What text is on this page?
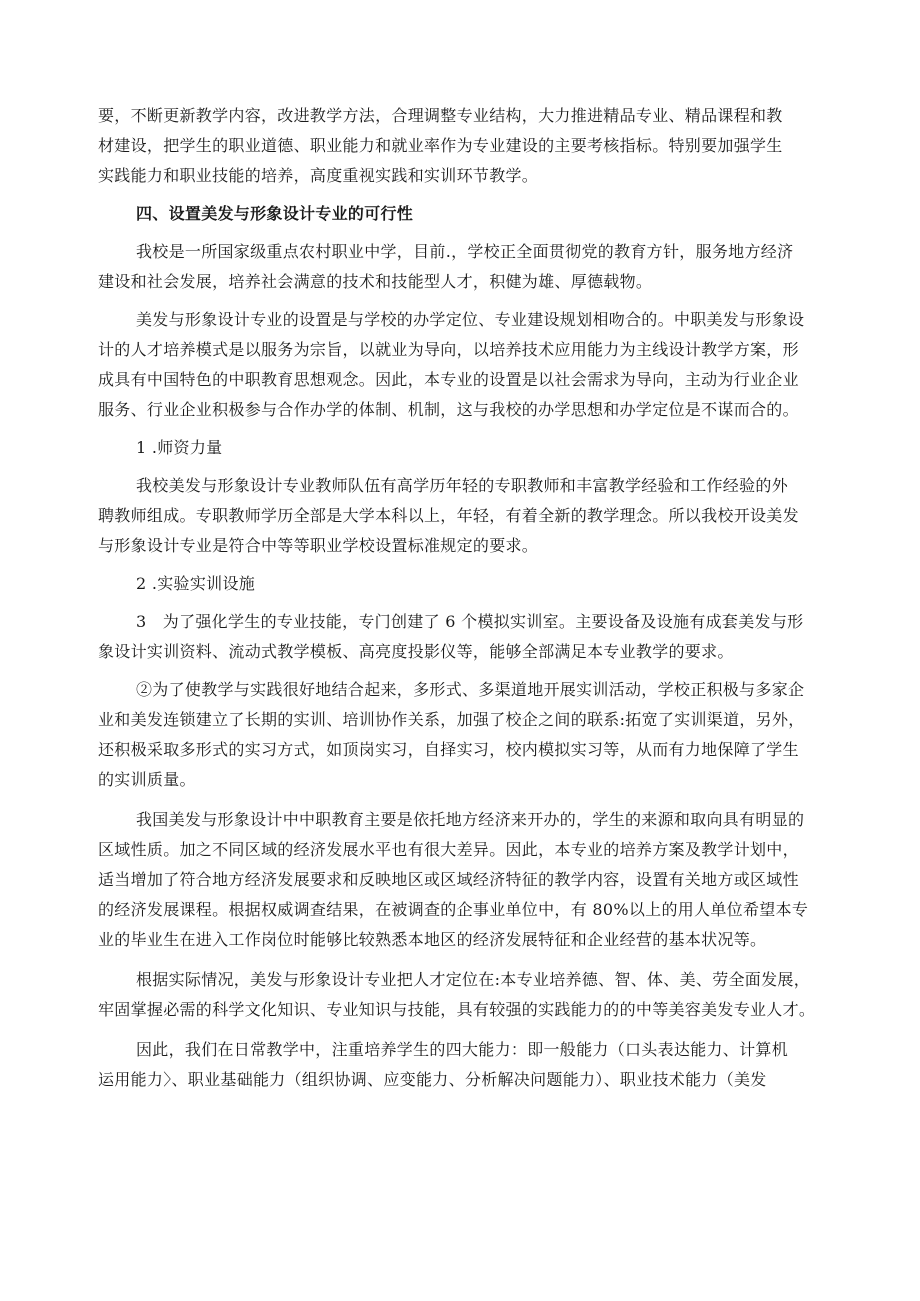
要，不断更新教学内容，改进教学方法，合理调整专业结构，大力推进精品专业、精品课程和教
材建设，把学生的职业道德、职业能力和就业率作为专业建设的主要考核指标。特别要加强学生
实践能力和职业技能的培养，高度重视实践和实训环节教学。
四、设置美发与形象设计专业的可行性
我校是一所国家级重点农村职业中学，目前.，学校正全面贯彻党的教育方针，服务地方经济
建设和社会发展，培养社会满意的技术和技能型人才，积健为雄、厚德载物。
美发与形象设计专业的设置是与学校的办学定位、专业建设规划相吻合的。中职美发与形象设
计的人才培养模式是以服务为宗旨，以就业为导向，以培养技术应用能力为主线设计教学方案，形
成具有中国特色的中职教育思想观念。因此，本专业的设置是以社会需求为导向，主动为行业企业
服务、行业企业积极参与合作办学的体制、机制，这与我校的办学思想和办学定位是不谋而合的。
1 .师资力量
我校美发与形象设计专业教师队伍有高学历年轻的专职教师和丰富教学经验和工作经验的外
聘教师组成。专职教师学历全部是大学本科以上，年轻，有着全新的教学理念。所以我校开设美发
与形象设计专业是符合中等等职业学校设置标准规定的要求。
2 .实验实训设施
3　为了强化学生的专业技能，专门创建了 6 个模拟实训室。主要设备及设施有成套美发与形
象设计实训资料、流动式教学模板、高亮度投影仪等，能够全部满足本专业教学的要求。
②为了使教学与实践很好地结合起来，多形式、多渠道地开展实训活动，学校正积极与多家企
业和美发连锁建立了长期的实训、培训协作关系，加强了校企之间的联系:拓宽了实训渠道，另外，
还积极采取多形式的实习方式，如顶岗实习，自择实习，校内模拟实习等，从而有力地保障了学生
的实训质量。
我国美发与形象设计中中职教育主要是依托地方经济来开办的，学生的来源和取向具有明显的
区域性质。加之不同区域的经济发展水平也有很大差异。因此，本专业的培养方案及教学计划中，
适当增加了符合地方经济发展要求和反映地区或区域经济特征的教学内容，设置有关地方或区域性
的经济发展课程。根据权威调查结果，在被调查的企事业单位中，有 80%以上的用人单位希望本专
业的毕业生在进入工作岗位时能够比较熟悉本地区的经济发展特征和企业经营的基本状况等。
根据实际情况，美发与形象设计专业把人才定位在:本专业培养德、智、体、美、劳全面发展，
牢固掌握必需的科学文化知识、专业知识与技能，具有较强的实践能力的的中等美容美发专业人才。
因此，我们在日常教学中，注重培养学生的四大能力：即一般能力（口头表达能力、计算机
运用能力〉、职业基础能力（组织协调、应变能力、分析解决问题能力）、职业技术能力（美发
